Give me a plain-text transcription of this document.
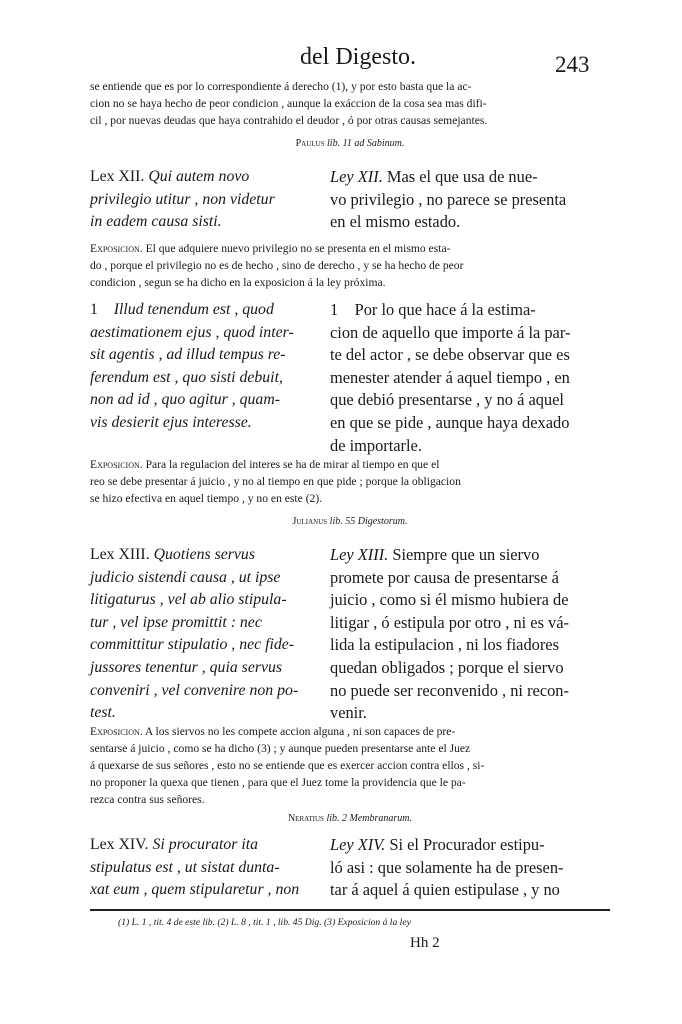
del Digesto.	243
se entiende que es por lo correspondiente á derecho (1), y por esto basta que la ac-
cion no se haya hecho de peor condicion , aunque la exáccion de la cosa sea mas difi-
cil , por nuevas deudas que haya contrahido el deudor , ó por otras causas semejantes.
Paulus lib. 11 ad Sabinum.
Lex XII. Qui autem novo
privilegio utitur , non videtur
in eadem causa sisti.
Ley XII. Mas el que usa de nue-
vo privilegio , no parece se presenta
en el mismo estado.
Exposicion. El que adquiere nuevo privilegio no se presenta en el mismo esta-
do , porque el privilegio no es de hecho , sino de derecho , y se ha hecho de peor
condicion , segun se ha dicho en la exposicion á la ley próxima.
1 Illud tenendum est , quod
aestimationem ejus , quod inter-
sit agentis , ad illud tempus re-
ferendum est , quo sisti debuit,
non ad id , quo agitur , quam-
vis desierit ejus interesse.
1 Por lo que hace á la estima-
cion de aquello que importe á la par-
te del actor , se debe observar que es
menester atender á aquel tiempo , en
que debió presentarse , y no á aquel
en que se pide , aunque haya dexado
de importarle.
Exposicion. Para la regulacion del interes se ha de mirar al tiempo en que el
reo se debe presentar á juicio , y no al tiempo en que pide ; porque la obligacion
se hizo efectiva en aquel tiempo , y no en este (2).
Julianus lib. 55 Digestorum.
Lex XIII. Quotiens servus
judicio sistendi causa , ut ipse
litigaturus , vel ab alio stipula-
tur , vel ipse promittit : nec
committitur stipulatio , nec fide-
jussores tenentur , quia servus
conveniri , vel convenire non po-
test.
Ley XIII. Siempre que un siervo
promete por causa de presentarse á
juicio , como si él mismo hubiera de
litigar , ó estipula por otro , ni es vá-
lida la estipulacion , ni los fiadores
quedan obligados ; porque el siervo
no puede ser reconvenido , ni recon-
venir.
Exposicion. A los siervos no les compete accion alguna , ni son capaces de pre-
sentarse á juicio , como se ha dicho (3) ; y aunque pueden presentarse ante el Juez
á quexarse de sus señores , esto no se entiende que es exercer accion contra ellos , si-
no proponer la quexa que tienen , para que el Juez tome la providencia que le pa-
rezca contra sus señores.
Neratius lib. 2 Membranarum.
Lex XIV. Si procurator ita
stipulatus est , ut sistat dunta-
xat eum , quem stipularetur , non
Ley XIV. Si el Procurador estipu-
ló asi : que solamente ha de presen-
tar á aquel á quien estipulase , y no
(1) L. 1 , tit. 4 de este lib. (2) L. 8 , tit. 1 , lib. 45 Dig. (3) Exposicion á la ley
Hh 2
